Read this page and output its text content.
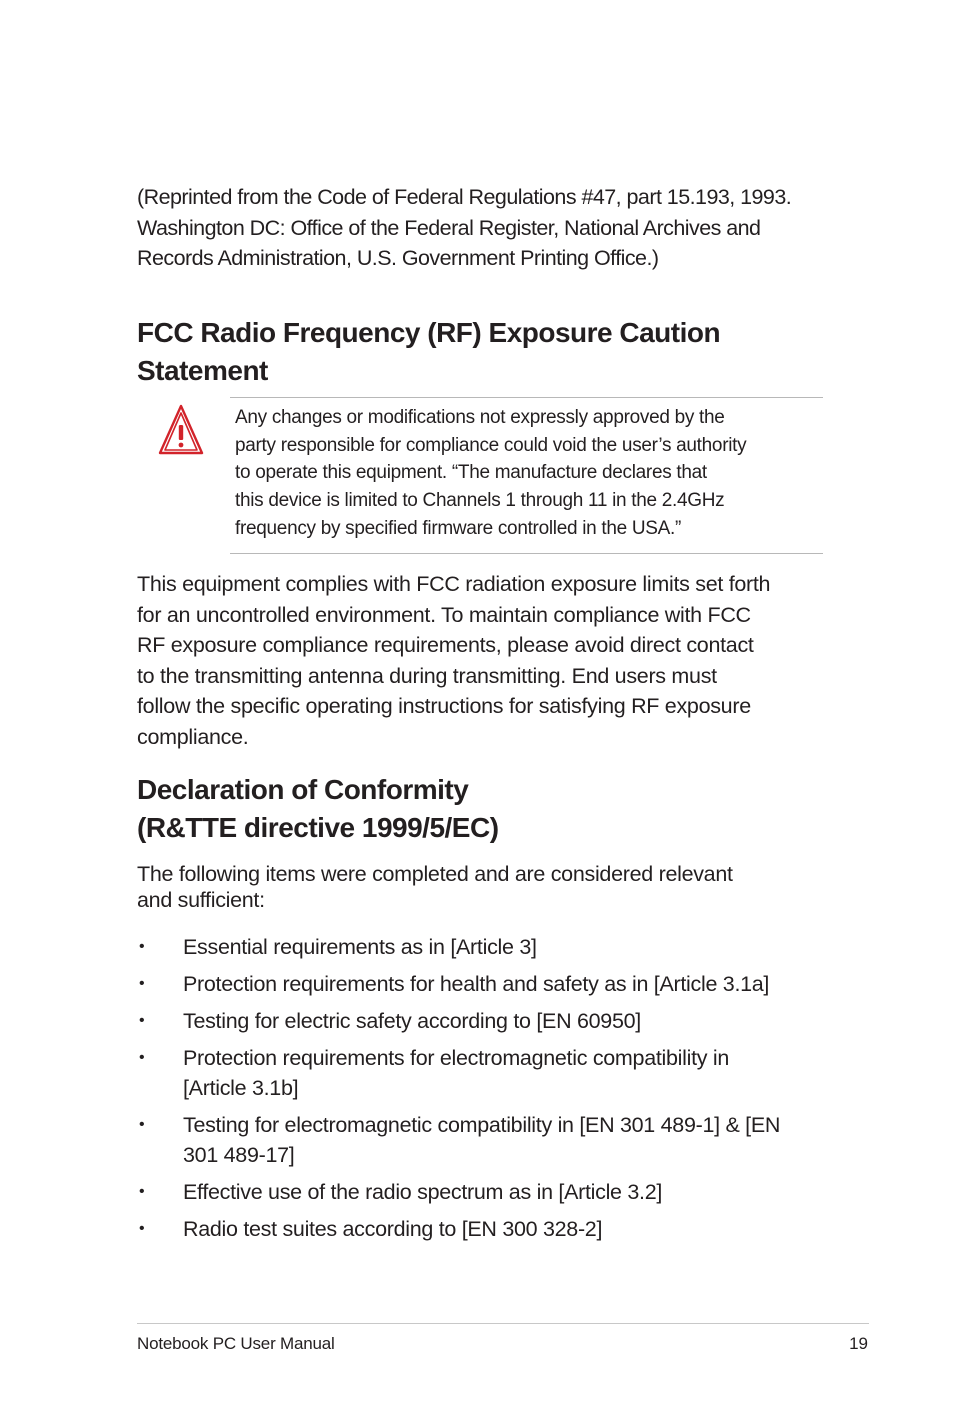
(Reprinted from the Code of Federal Regulations #47, part 15.193, 1993.
Washington DC: Office of the Federal Register, National Archives and
Records Administration, U.S. Government Printing Office.)

FCC Radio Frequency (RF) Exposure Caution
Statement

Any changes or modifications not expressly approved by the
party responsible for compliance could void the user’s authority
to operate this equipment. “The manufacture declares that
this device is limited to Channels 1 through 11 in the 2.4GHz
frequency by specified firmware controlled in the USA.”

This equipment complies with FCC radiation exposure limits set forth
for an uncontrolled environment. To maintain compliance with FCC
RF exposure compliance requirements, please avoid direct contact
to the transmitting antenna during transmitting. End users must
follow the specific operating instructions for satisfying RF exposure
compliance.

Declaration of Conformity
(R&TTE directive 1999/5/EC)

The following items were completed and are considered relevant
and sufficient:

• Essential requirements as in [Article 3]
• Protection requirements for health and safety as in [Article 3.1a]
• Testing for electric safety according to [EN 60950]
• Protection requirements for electromagnetic compatibility in
[Article 3.1b]
• Testing for electromagnetic compatibility in [EN 301 489-1] & [EN
301 489-17]
• Effective use of the radio spectrum as in [Article 3.2]
• Radio test suites according to [EN 300 328-2]
Notebook PC User Manual	19
